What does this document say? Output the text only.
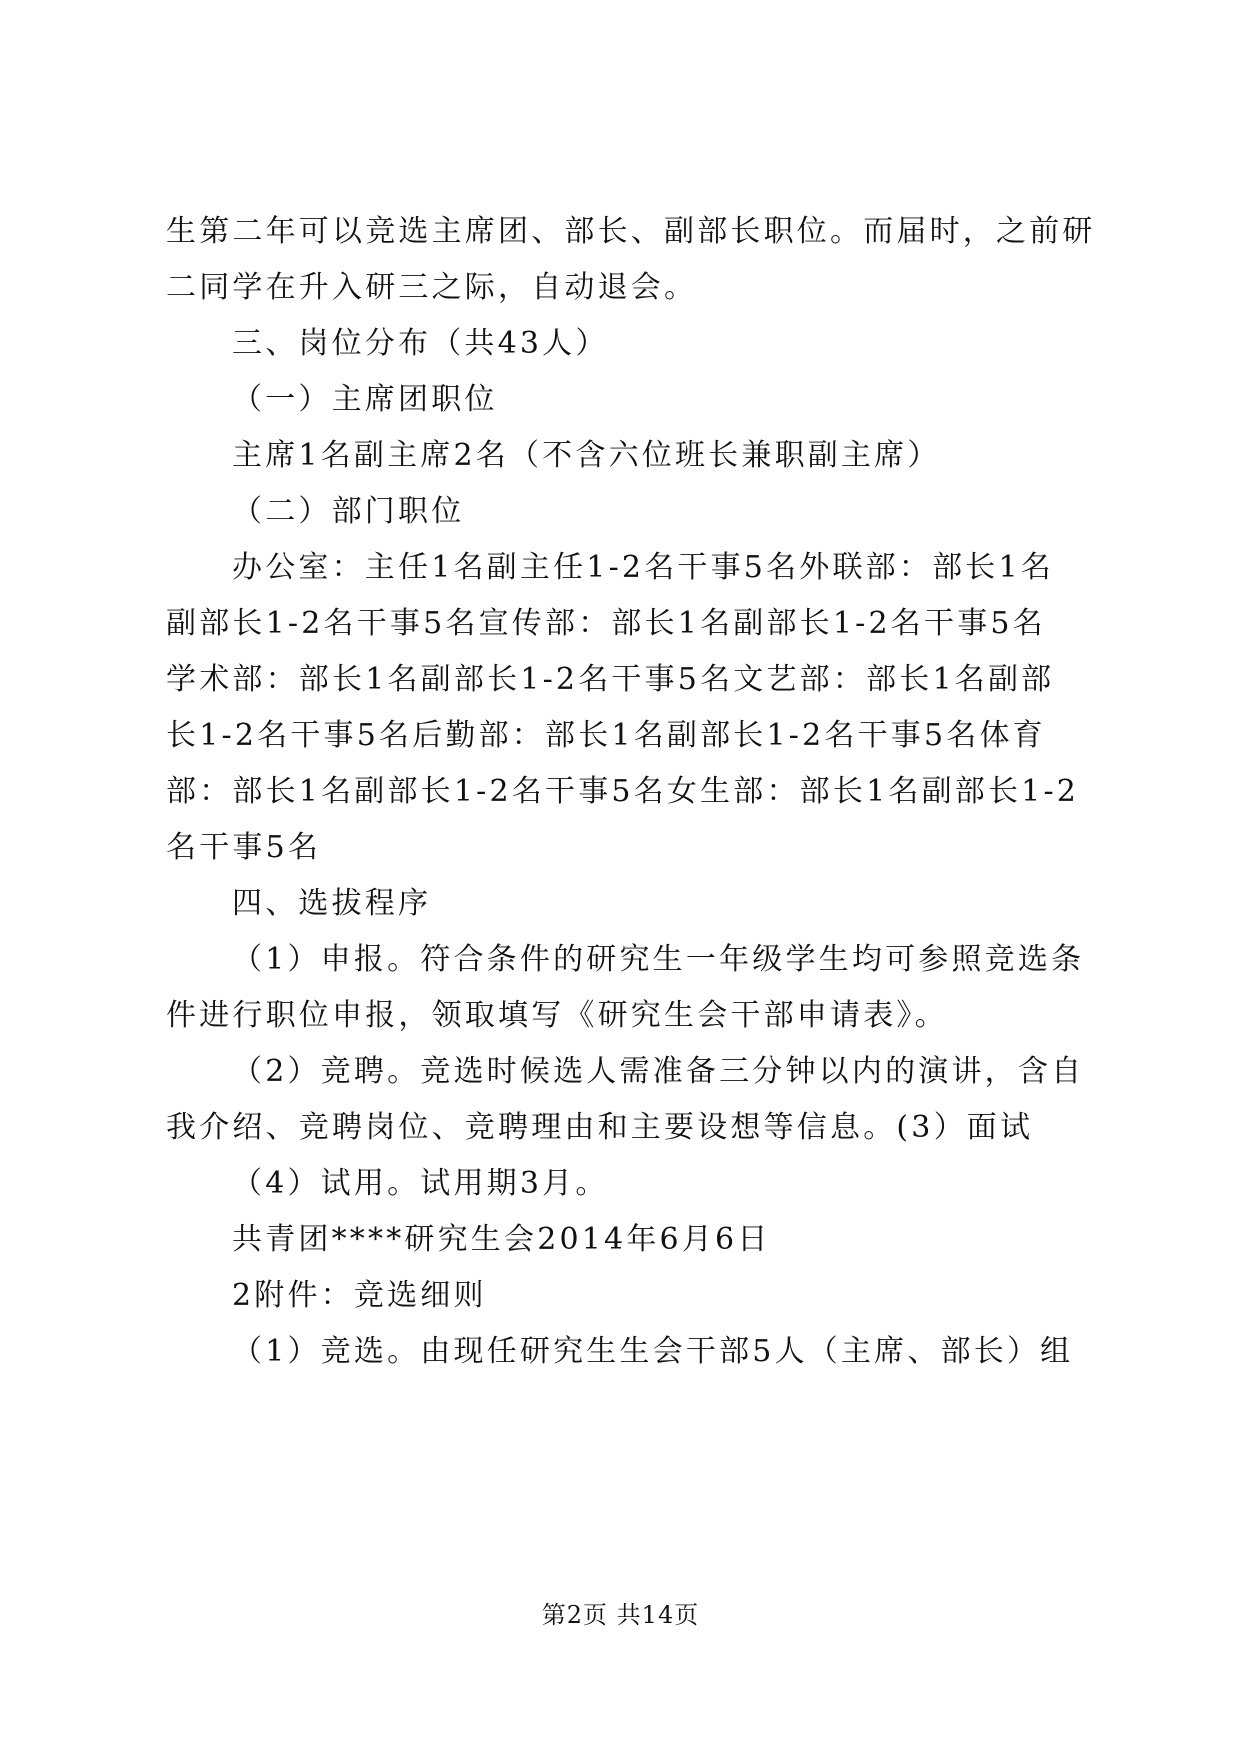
生第二年可以竞选主席团、部长、副部长职位。而届时，之前研
二同学在升入研三之际，自动退会。
三、岗位分布（共43人）
（一）主席团职位
主席1名副主席2名（不含六位班长兼职副主席）
（二）部门职位
办公室：主任1名副主任1-2名干事5名外联部：部长1名
副部长1-2名干事5名宣传部：部长1名副部长1-2名干事5名
学术部：部长1名副部长1-2名干事5名文艺部：部长1名副部
长1-2名干事5名后勤部：部长1名副部长1-2名干事5名体育
部：部长1名副部长1-2名干事5名女生部：部长1名副部长1-2
名干事5名
四、选拔程序
（1）申报。符合条件的研究生一年级学生均可参照竞选条
件进行职位申报，领取填写《研究生会干部申请表》。
（2）竞聘。竞选时候选人需准备三分钟以内的演讲，含自
我介绍、竞聘岗位、竞聘理由和主要设想等信息。(3）面试
（4）试用。试用期3月。
共青团****研究生会2014年6月6日
2附件：竞选细则
（1）竞选。由现任研究生生会干部5人（主席、部长）组
第2页 共14页
